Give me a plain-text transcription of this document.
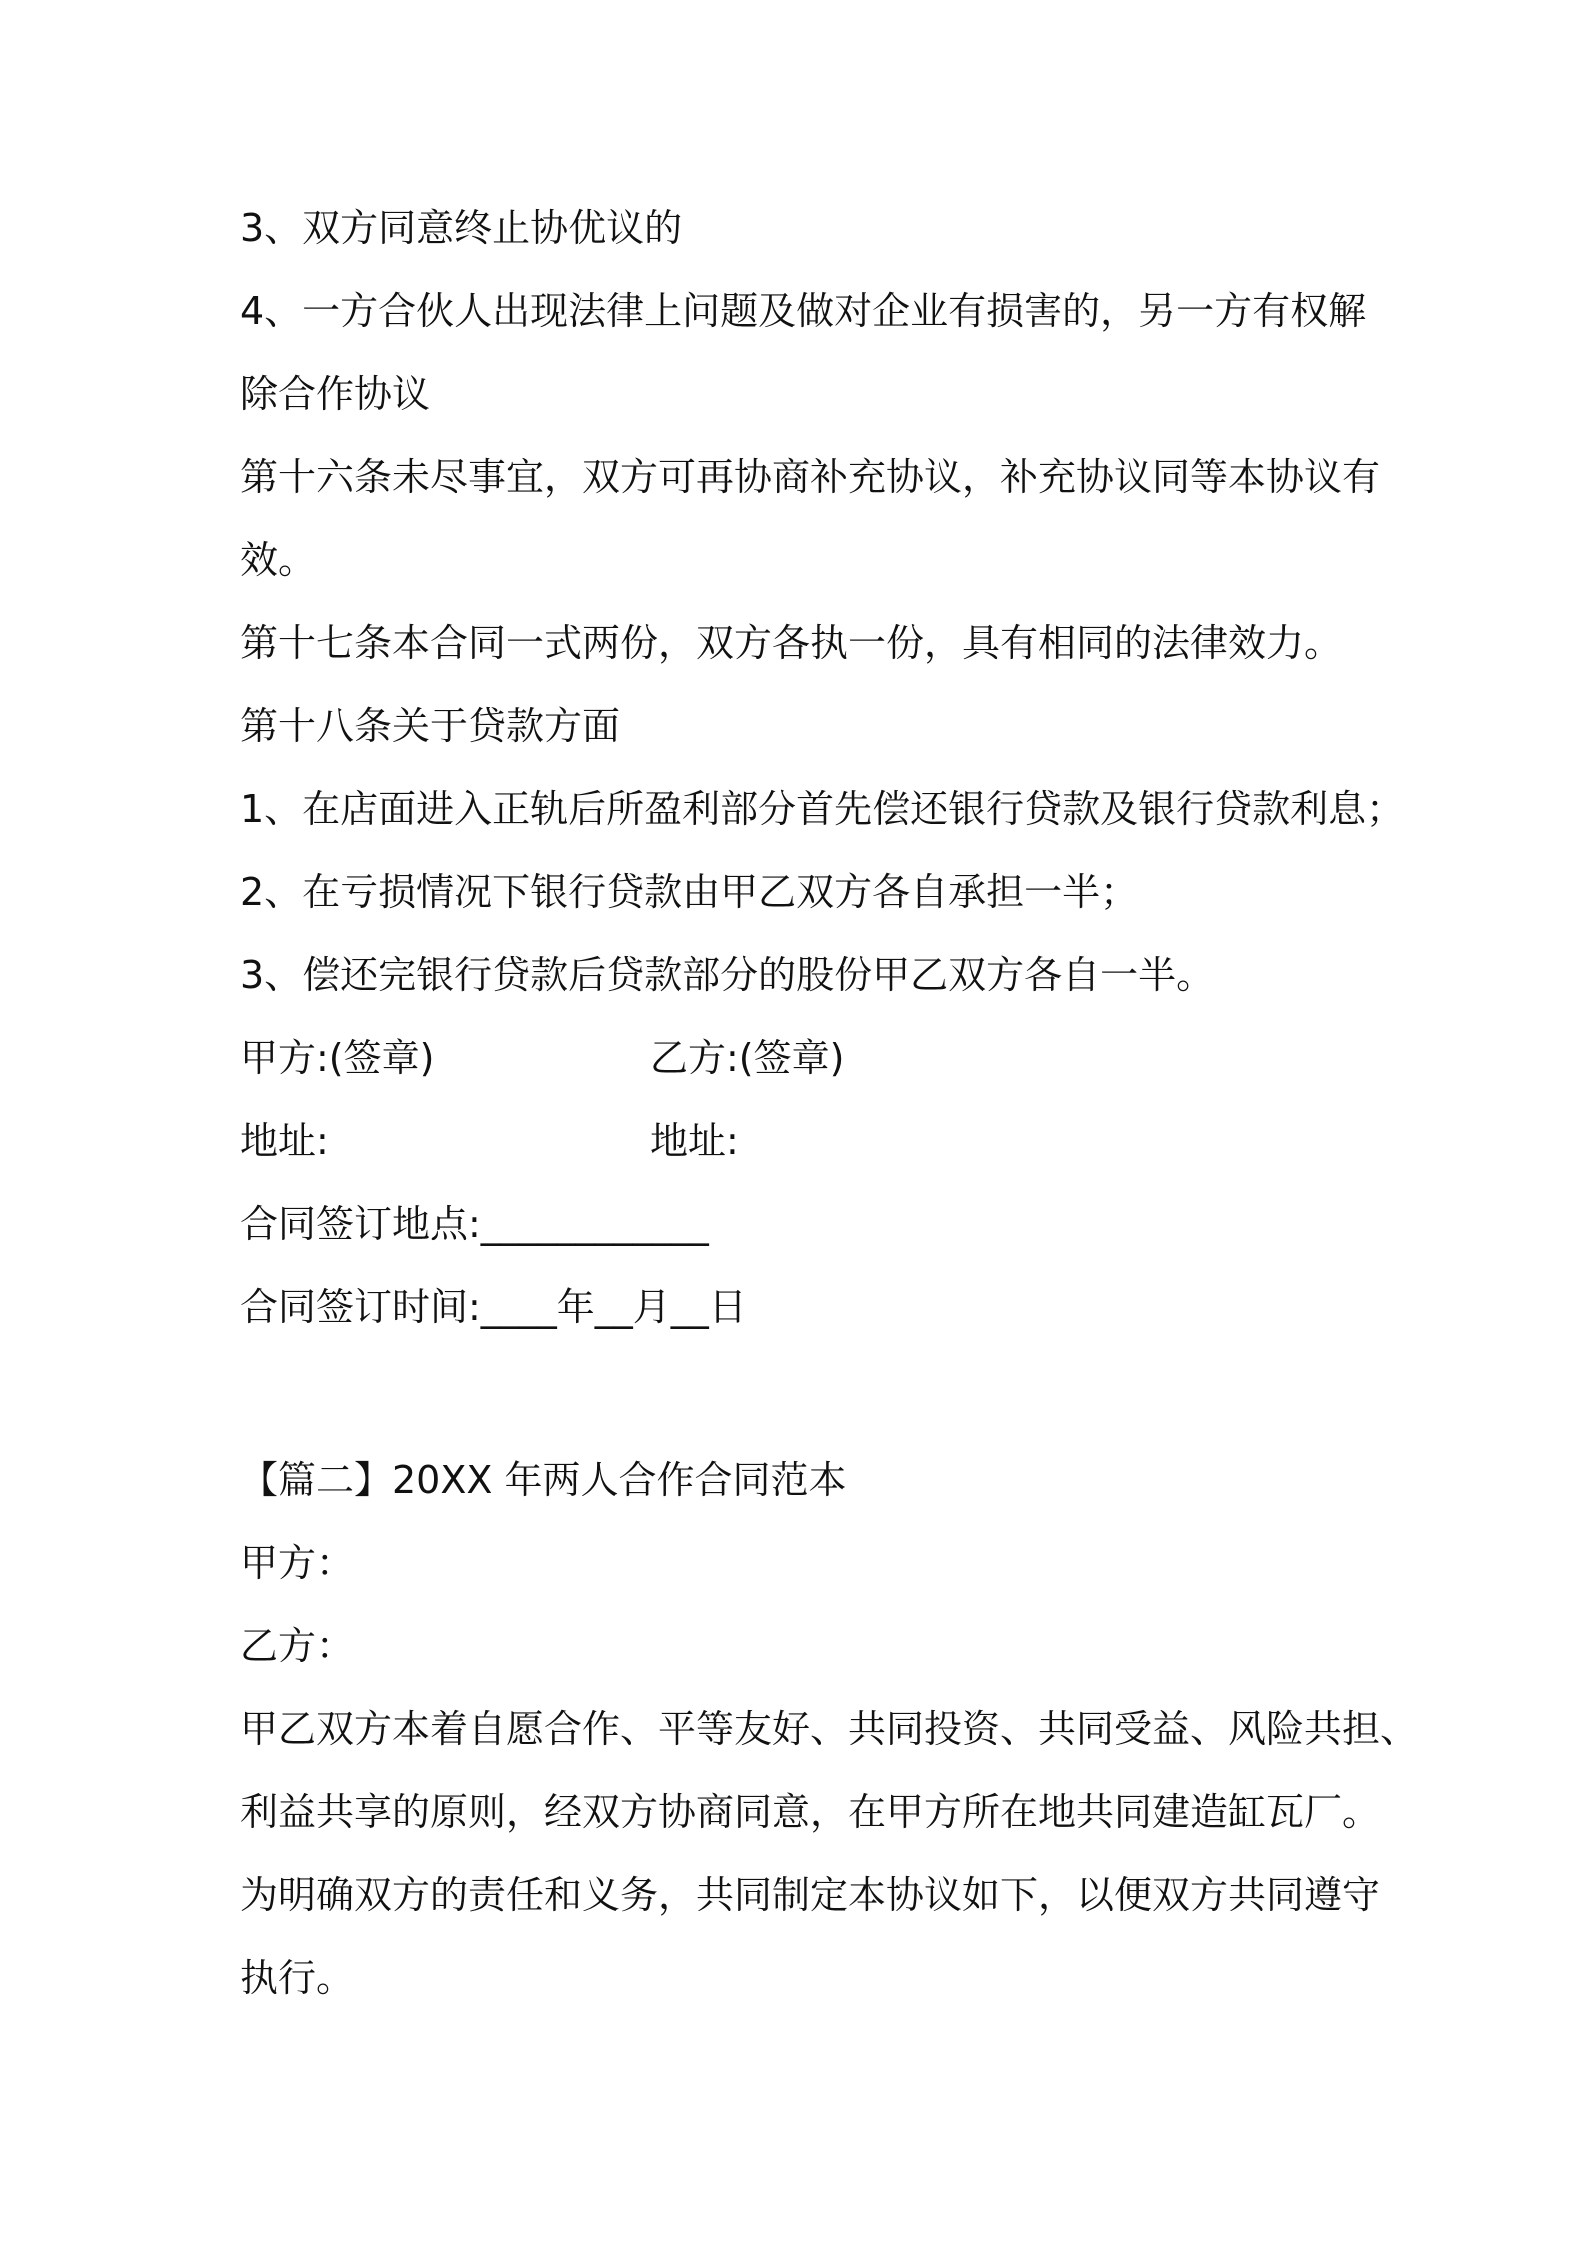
3、双方同意终止协优议的
4、一方合伙人出现法律上问题及做对企业有损害的，另一方有权解
除合作协议
第十六条未尽事宜，双方可再协商补充协议，补充协议同等本协议有
效。
第十七条本合同一式两份，双方各执一份，具有相同的法律效力。
第十八条关于贷款方面
1、在店面进入正轨后所盈利部分首先偿还银行贷款及银行贷款利息；
2、在亏损情况下银行贷款由甲乙双方各自承担一半；
3、偿还完银行贷款后贷款部分的股份甲乙双方各自一半。
甲方:(签章)	乙方:(签章)
地址:	地址:
合同签订地点:____________
合同签订时间:____年__月__日
【篇二】20XX 年两人合作合同范本
甲方：
乙方：
甲乙双方本着自愿合作、平等友好、共同投资、共同受益、风险共担、
利益共享的原则，经双方协商同意，在甲方所在地共同建造缸瓦厂。
为明确双方的责任和义务，共同制定本协议如下，以便双方共同遵守
执行。
